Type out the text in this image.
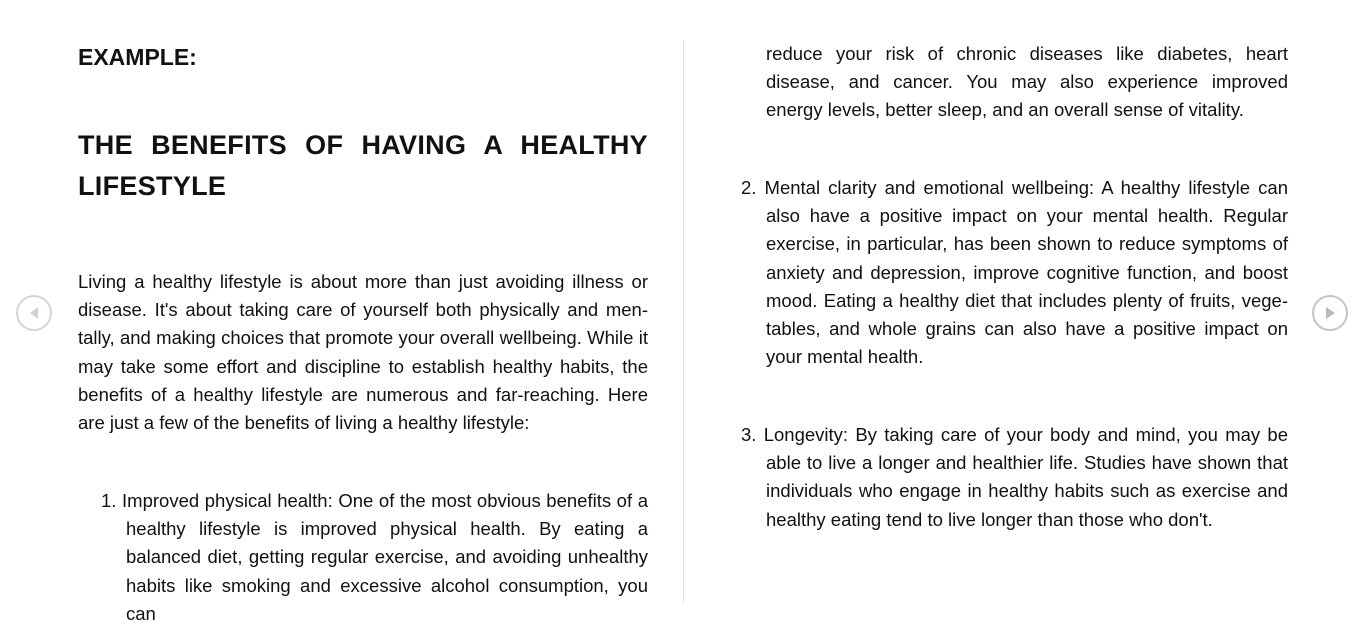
EXAMPLE:
THE BENEFITS OF HAVING A HEALTHY LIFESTYLE

Living a healthy lifestyle is about more than just avoiding illness or disease. It's about taking care of yourself both physically and mentally, and making choices that promote your overall wellbeing. While it may take some effort and discipline to establish healthy habits, the benefits of a healthy lifestyle are numerous and far-reaching. Here are just a few of the benefits of living a healthy lifestyle:

1. Improved physical health: One of the most obvious benefits of a healthy lifestyle is improved physical health. By eating a balanced diet, getting regular exercise, and avoiding unhealthy habits like smoking and excessive alcohol consumption, you can

reduce your risk of chronic diseases like diabetes, heart disease, and cancer. You may also experience improved energy levels, better sleep, and an overall sense of vitality.

2. Mental clarity and emotional wellbeing: A healthy lifestyle can also have a positive impact on your mental health. Regular exercise, in particular, has been shown to reduce symptoms of anxiety and depression, improve cognitive function, and boost mood. Eating a healthy diet that includes plenty of fruits, vegetables, and whole grains can also have a positive impact on your mental health.

3. Longevity: By taking care of your body and mind, you may be able to live a longer and healthier life. Studies have shown that individuals who engage in healthy habits such as exercise and healthy eating tend to live longer than those who don't.
